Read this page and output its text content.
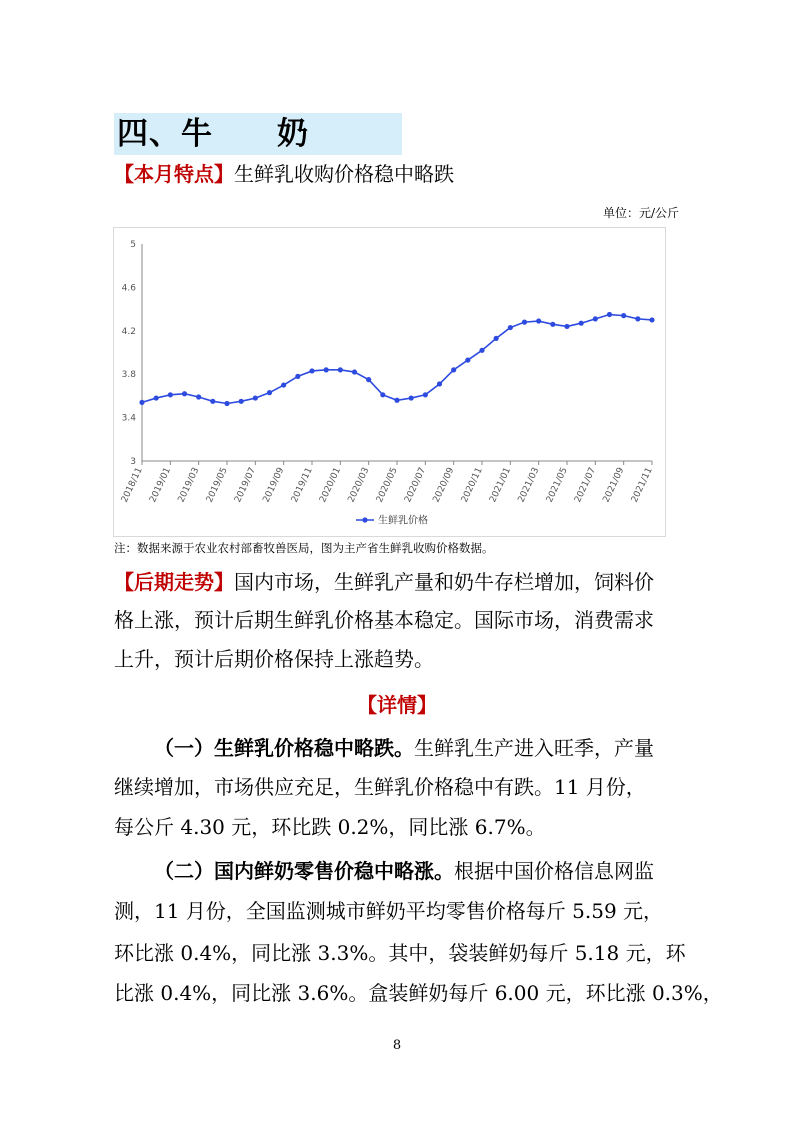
四、牛　　奶
【本月特点】生鲜乳收购价格稳中略跌
单位：元/公斤
5
4.6
4.2
3.8
3.4
3
2018/11 2019/01 2019/03 2019/05 2019/07 2019/09 2019/11 2020/01 2020/03 2020/05 2020/07 2020/09 2020/11 2021/01 2021/03 2021/05 2021/07 2021/09 2021/11
生鲜乳价格
注：数据来源于农业农村部畜牧兽医局，图为主产省生鲜乳收购价格数据。
【后期走势】国内市场，生鲜乳产量和奶牛存栏增加，饲料价
格上涨，预计后期生鲜乳价格基本稳定。国际市场，消费需求
上升，预计后期价格保持上涨趋势。
【详情】
（一）生鲜乳价格稳中略跌。生鲜乳生产进入旺季，产量
继续增加，市场供应充足，生鲜乳价格稳中有跌。11 月份，
每公斤 4.30 元，环比跌 0.2%，同比涨 6.7%。
（二）国内鲜奶零售价稳中略涨。根据中国价格信息网监
测，11 月份，全国监测城市鲜奶平均零售价格每斤 5.59 元，
环比涨 0.4%，同比涨 3.3%。其中，袋装鲜奶每斤 5.18 元，环
比涨 0.4%，同比涨 3.6%。盒装鲜奶每斤 6.00 元，环比涨 0.3%，
8
